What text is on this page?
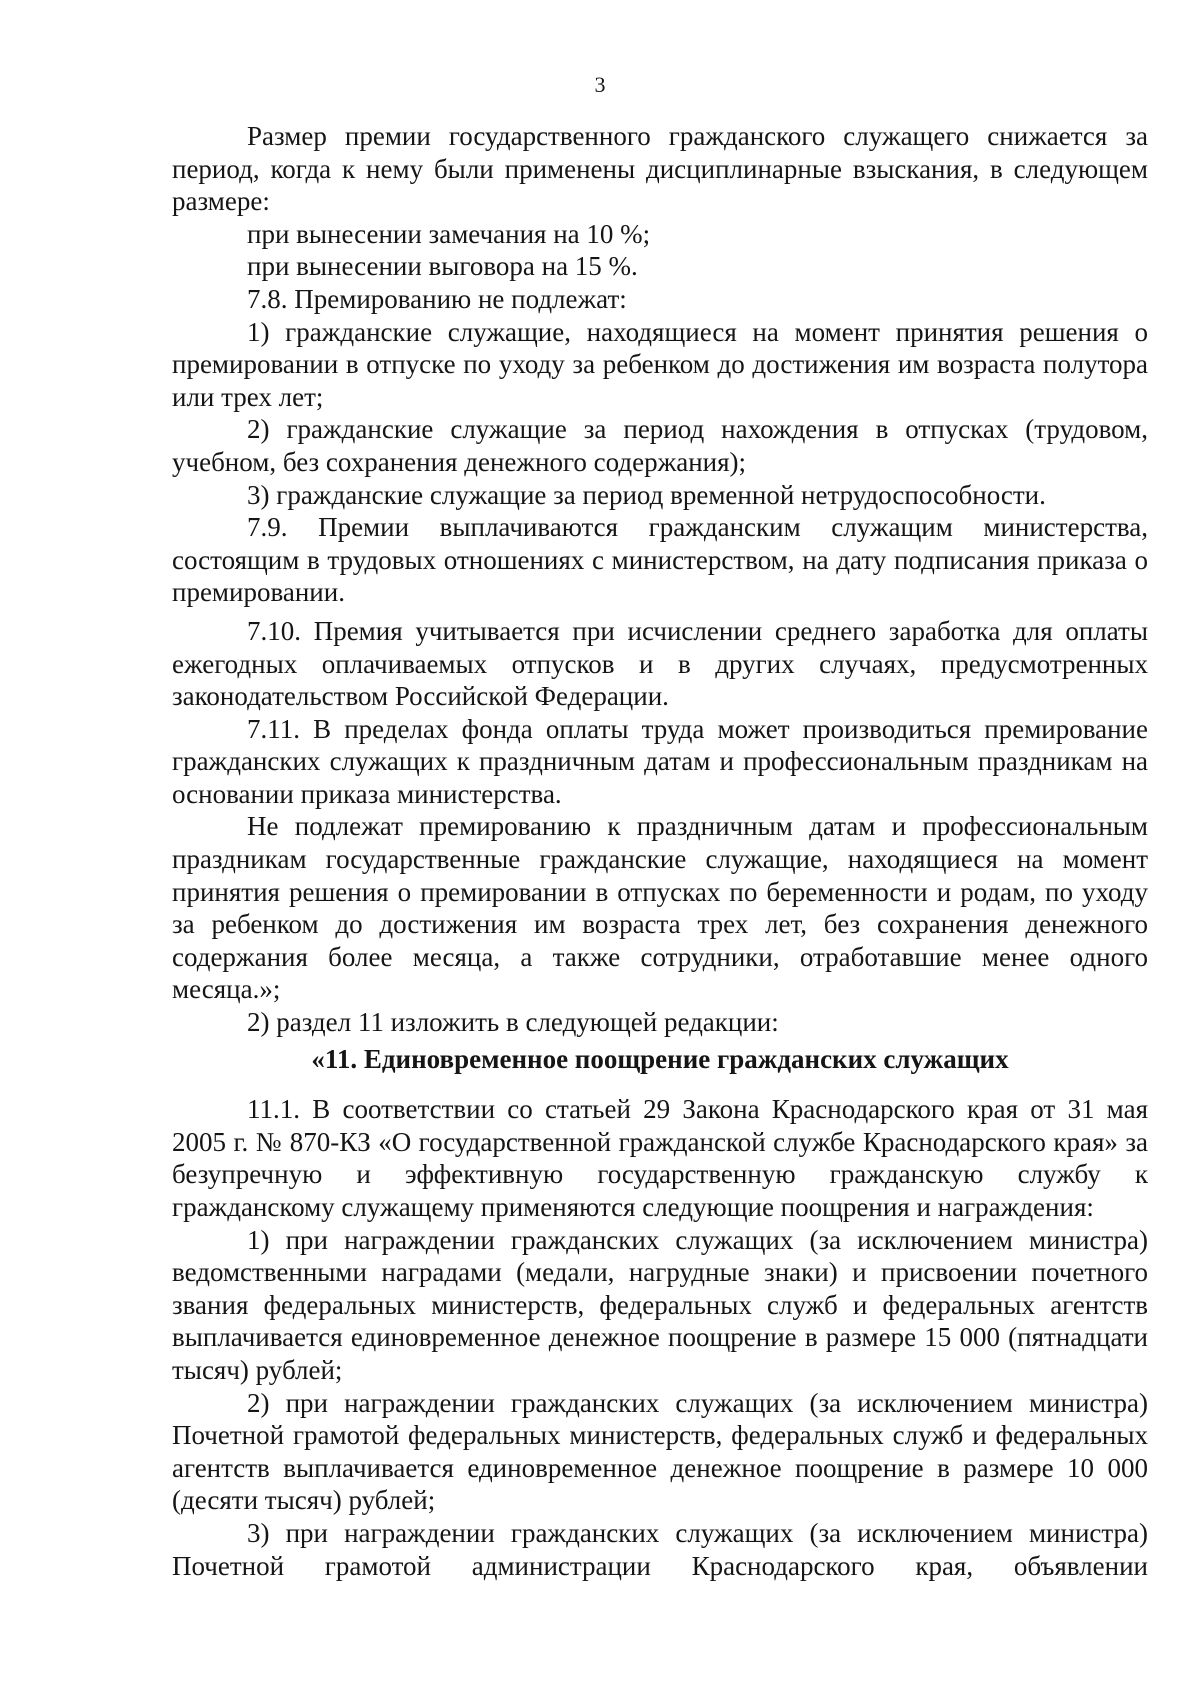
3

Размер премии государственного гражданского служащего снижается за период, когда к нему были применены дисциплинарные взыскания, в следующем размере:

при вынесении замечания на 10 %;

при вынесении выговора на 15 %.

7.8. Премированию не подлежат:

1) гражданские служащие, находящиеся на момент принятия решения о премировании в отпуске по уходу за ребенком до достижения им возраста полутора или трех лет;

2) гражданские служащие за период нахождения в отпусках (трудовом, учебном, без сохранения денежного содержания);

3) гражданские служащие за период временной нетрудоспособности.

7.9. Премии выплачиваются гражданским служащим министерства, состоящим в трудовых отношениях с министерством, на дату подписания приказа о премировании.

7.10. Премия учитывается при исчислении среднего заработка для оплаты ежегодных оплачиваемых отпусков и в других случаях, предусмотренных законодательством Российской Федерации.

7.11. В пределах фонда оплаты труда может производиться премирование гражданских служащих к праздничным датам и профессиональным праздникам на основании приказа министерства.

Не подлежат премированию к праздничным датам и профессиональным праздникам государственные гражданские служащие, находящиеся на момент принятия решения о премировании в отпусках по беременности и родам, по уходу за ребенком до достижения им возраста трех лет, без сохранения денежного содержания более месяца, а также сотрудники, отработавшие менее одного месяца.»;

2) раздел 11 изложить в следующей редакции:

«11. Единовременное поощрение гражданских служащих

11.1. В соответствии со статьей 29 Закона Краснодарского края от 31 мая 2005 г. № 870-КЗ «О государственной гражданской службе Краснодарского края» за безупречную и эффективную государственную гражданскую службу к гражданскому служащему применяются следующие поощрения и награждения:

1) при награждении гражданских служащих (за исключением министра) ведомственными наградами (медали, нагрудные знаки) и присвоении почетного звания федеральных министерств, федеральных служб и федеральных агентств выплачивается единовременное денежное поощрение в размере 15 000 (пятнадцати тысяч) рублей;

2) при награждении гражданских служащих (за исключением министра) Почетной грамотой федеральных министерств, федеральных служб и федеральных агентств выплачивается единовременное денежное поощрение в размере 10 000 (десяти тысяч) рублей;

3) при награждении гражданских служащих (за исключением министра) Почетной грамотой администрации Краснодарского края, объявлении
